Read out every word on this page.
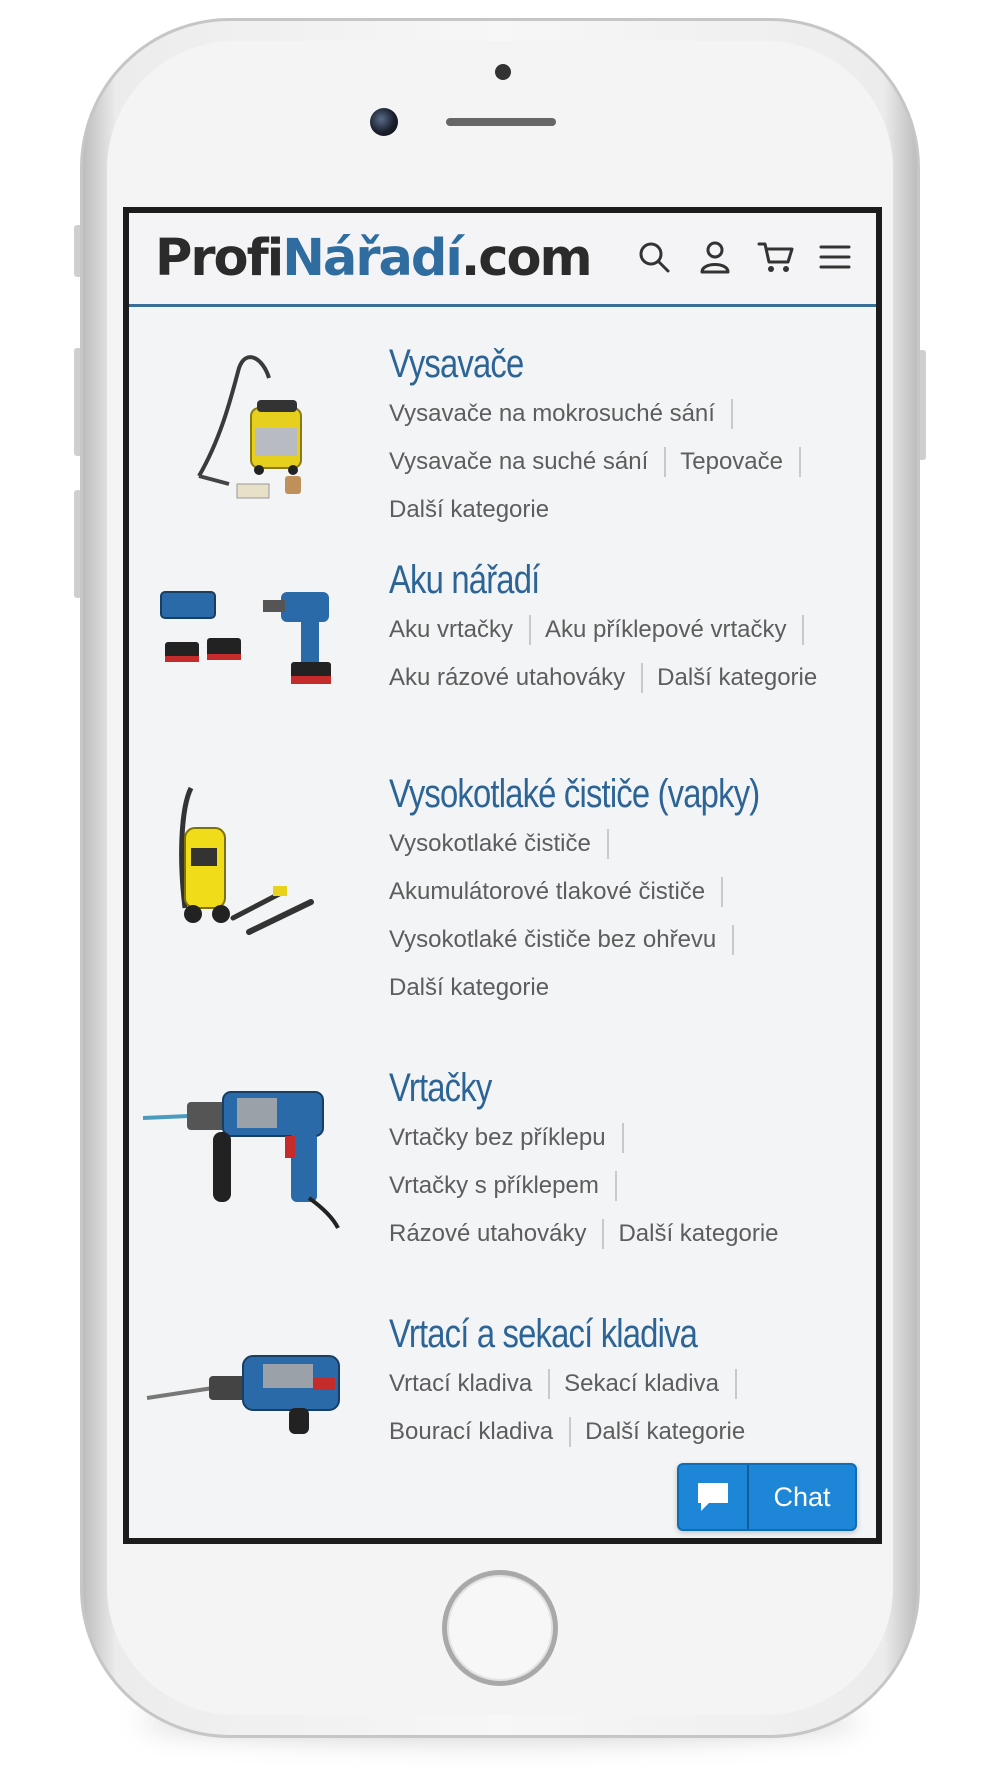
ProfiNářadí.com
Vysavače
Vysavače na mokrosuché sání
Vysavače na suché sání Tepovače
Další kategorie
Aku nářadí
Aku vrtačky Aku příklepové vrtačky
Aku rázové utahováky Další kategorie
Vysokotlaké čističe (vapky)
Vysokotlaké čističe
Akumulátorové tlakové čističe
Vysokotlaké čističe bez ohřevu
Další kategorie
Vrtačky
Vrtačky bez příklepu
Vrtačky s příklepem
Rázové utahováky Další kategorie
Vrtací a sekací kladiva
Vrtací kladiva Sekací kladiva
Bourací kladiva Další kategorie
Chat
